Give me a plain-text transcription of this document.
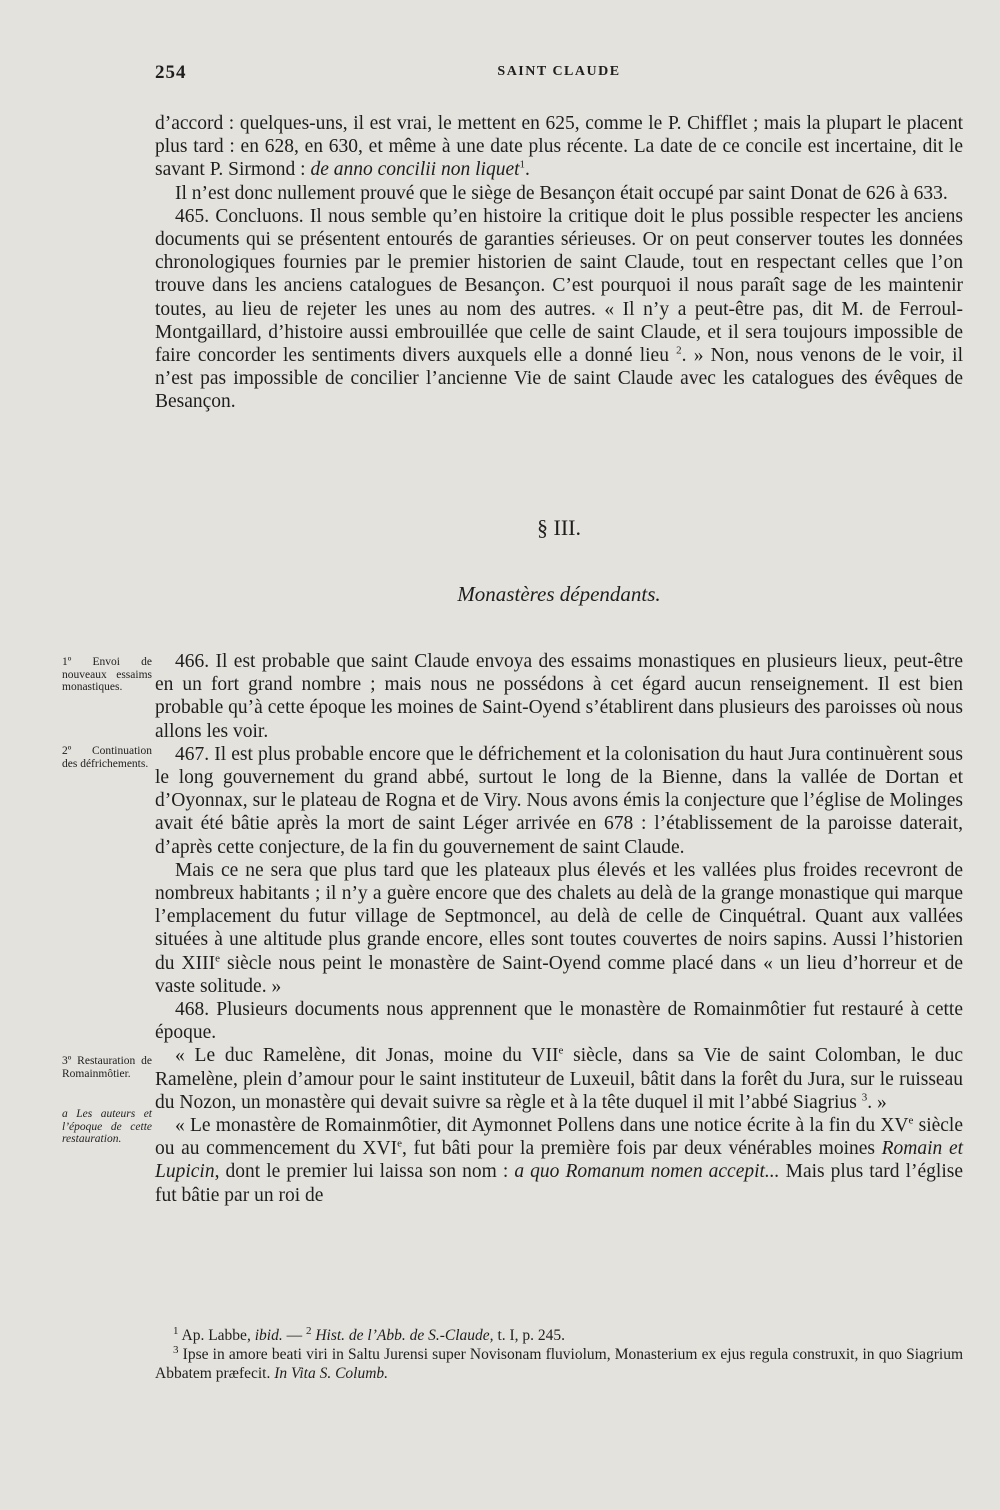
254	SAINT CLAUDE

d’accord : quelques-uns, il est vrai, le mettent en 625, comme le P. Chifflet ; mais la plupart le placent plus tard : en 628, en 630, et même à une date plus récente. La date de ce concile est incertaine, dit le savant P. Sirmond : de anno concilii non liquet$^1$.

Il n’est donc nullement prouvé que le siège de Besançon était occupé par saint Donat de 626 à 633.

465. Concluons. Il nous semble qu’en histoire la critique doit le plus possible respecter les anciens documents qui se présentent entourés de garanties sérieuses. Or on peut conserver toutes les données chronologiques fournies par le premier historien de saint Claude, tout en respectant celles que l’on trouve dans les anciens catalogues de Besançon. C’est pourquoi il nous paraît sage de les maintenir toutes, au lieu de rejeter les unes au nom des autres. « Il n’y a peut-être pas, dit M. de Ferroul-Montgaillard, d’histoire aussi embrouillée que celle de saint Claude, et il sera toujours impossible de faire concorder les sentiments divers auxquels elle a donné lieu $^2$. » Non, nous venons de le voir, il n’est pas impossible de concilier l’ancienne Vie de saint Claude avec les catalogues des évêques de Besançon.

§ III.
Monastères dépendants.
1º Envoi de nouveaux essaims monastiques.
2º Continuation des défrichements.
3º Restauration de Romainmôtier.
a Les auteurs et l’époque de cette restauration.

466. Il est probable que saint Claude envoya des essaims monastiques en plusieurs lieux, peut-être en un fort grand nombre ; mais nous ne possédons à cet égard aucun renseignement. Il est bien probable qu’à cette époque les moines de Saint-Oyend s’établirent dans plusieurs des paroisses où nous allons les voir.

467. Il est plus probable encore que le défrichement et la colonisation du haut Jura continuèrent sous le long gouvernement du grand abbé, surtout le long de la Bienne, dans la vallée de Dortan et d’Oyonnax, sur le plateau de Rogna et de Viry. Nous avons émis la conjecture que l’église de Molinges avait été bâtie après la mort de saint Léger arrivée en 678 : l’établissement de la paroisse daterait, d’après cette conjecture, de la fin du gouvernement de saint Claude.

Mais ce ne sera que plus tard que les plateaux plus élevés et les vallées plus froides recevront de nombreux habitants ; il n’y a guère encore que des chalets au delà de la grange monastique qui marque l’emplacement du futur village de Septmoncel, au delà de celle de Cinquétral. Quant aux vallées situées à une altitude plus grande encore, elles sont toutes couvertes de noirs sapins. Aussi l’historien du XIIIe siècle nous peint le monastère de Saint-Oyend comme placé dans « un lieu d’horreur et de vaste solitude. »

468. Plusieurs documents nous apprennent que le monastère de Romainmôtier fut restauré à cette époque.

« Le duc Ramelène, dit Jonas, moine du VIIe siècle, dans sa Vie de saint Colomban, le duc Ramelène, plein d’amour pour le saint instituteur de Luxeuil, bâtit dans la forêt du Jura, sur le ruisseau du Nozon, un monastère qui devait suivre sa règle et à la tête duquel il mit l’abbé Siagrius $^3$. »

« Le monastère de Romainmôtier, dit Aymonnet Pollens dans une notice écrite à la fin du XVe siècle ou au commencement du XVIe, fut bâti pour la première fois par deux vénérables moines Romain et Lupicin, dont le premier lui laissa son nom : a quo Romanum nomen accepit... Mais plus tard l’église fut bâtie par un roi de

$^1$ Ap. Labbe, ibid. — $^2$ Hist. de l’Abb. de S.-Claude, t. I, p. 245.

$^3$ Ipse in amore beati viri in Saltu Jurensi super Novisonam fluviolum, Monasterium ex ejus regula construxit, in quo Siagrium Abbatem præfecit. In Vita S. Columb.
